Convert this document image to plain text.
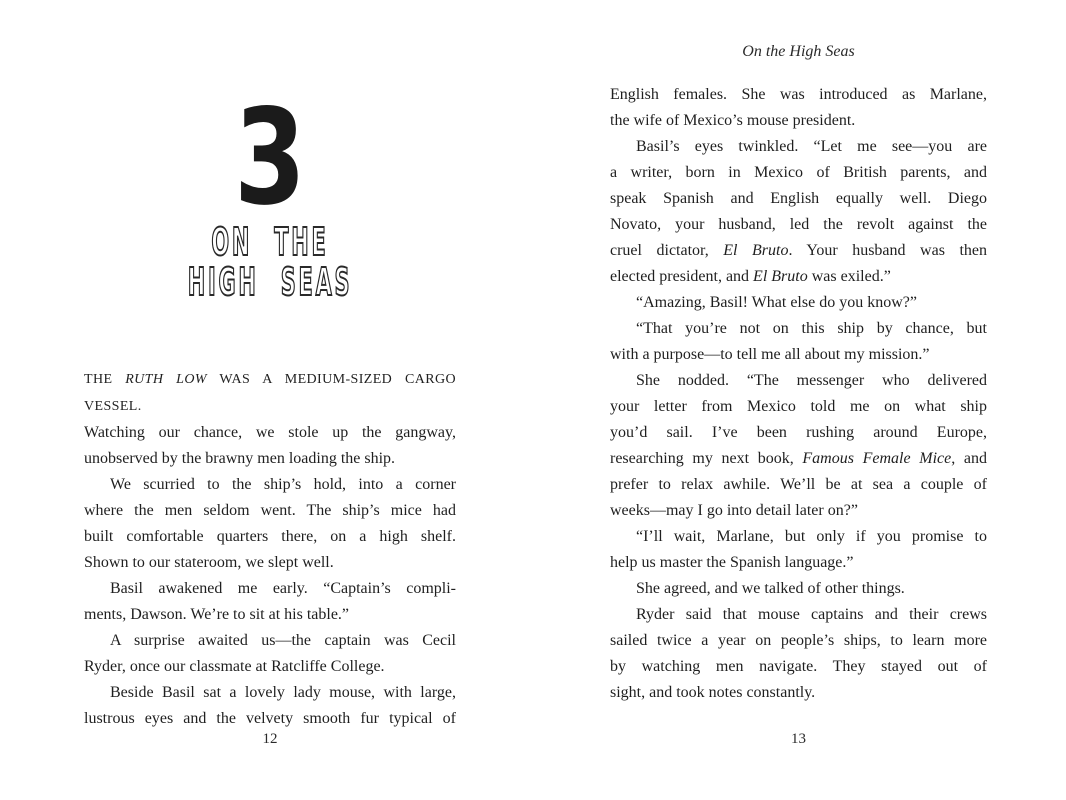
3
ON THE
HIGH SEAS
THE RUTH LOW WAS A MEDIUM-SIZED CARGO VESSEL.
Watching our chance, we stole up the gangway,
unobserved by the brawny men loading the ship.
We scurried to the ship’s hold, into a corner
where the men seldom went. The ship’s mice had
built comfortable quarters there, on a high shelf.
Shown to our stateroom, we slept well.
Basil awakened me early. “Captain’s compli-
ments, Dawson. We’re to sit at his table.”
A surprise awaited us—the captain was Cecil
Ryder, once our classmate at Ratcliffe College.
Beside Basil sat a lovely lady mouse, with large,
lustrous eyes and the velvety smooth fur typical of
12
On the High Seas
English females. She was introduced as Marlane,
the wife of Mexico’s mouse president.
Basil’s eyes twinkled. “Let me see—you are
a writer, born in Mexico of British parents, and
speak Spanish and English equally well. Diego
Novato, your husband, led the revolt against the
cruel dictator, El Bruto. Your husband was then
elected president, and El Bruto was exiled.”
“Amazing, Basil! What else do you know?”
“That you’re not on this ship by chance, but
with a purpose—to tell me all about my mission.”
She nodded. “The messenger who delivered
your letter from Mexico told me on what ship
you’d sail. I’ve been rushing around Europe,
researching my next book, Famous Female Mice, and
prefer to relax awhile. We’ll be at sea a couple of
weeks—may I go into detail later on?”
“I’ll wait, Marlane, but only if you promise to
help us master the Spanish language.”
She agreed, and we talked of other things.
Ryder said that mouse captains and their crews
sailed twice a year on people’s ships, to learn more
by watching men navigate. They stayed out of
sight, and took notes constantly.
13
